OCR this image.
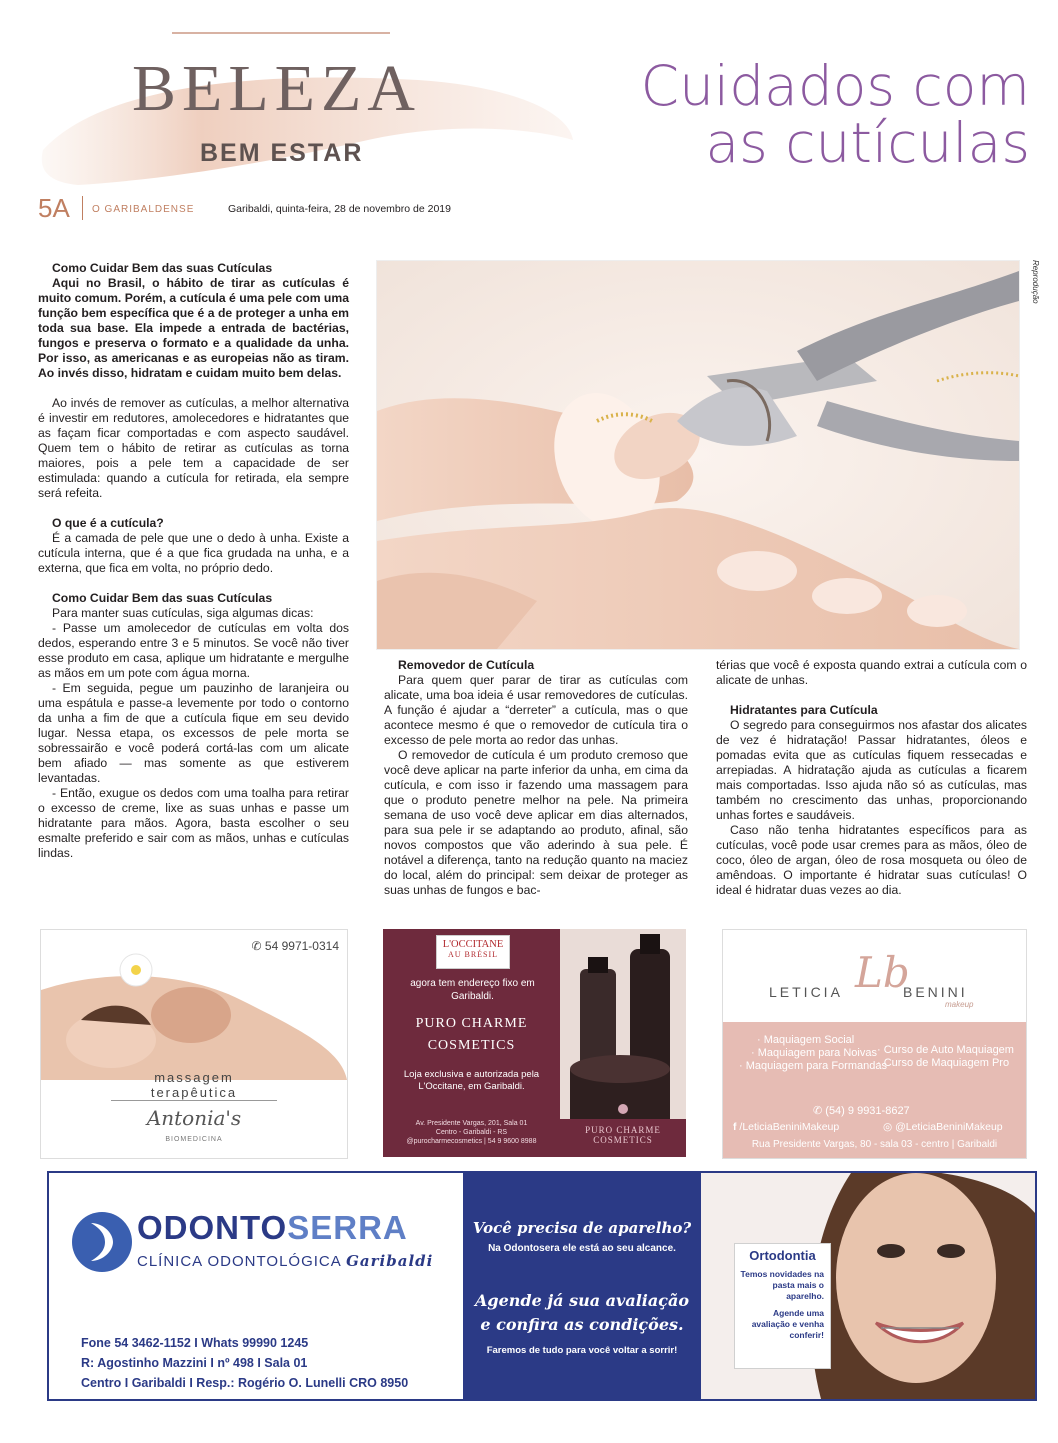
BELEZA
BEM ESTAR
Cuidados com
as cutículas
5A O GARIBALDENSE	Garibaldi, quinta-feira, 28 de novembro de 2019
Como Cuidar Bem das suas Cutículas

Aqui no Brasil, o hábito de tirar as cutículas é muito comum. Porém, a cutícula é uma pele com uma função bem específica que é a de proteger a unha em toda sua base. Ela impede a entrada de bactérias, fungos e preserva o formato e a qualidade da unha. Por isso, as americanas e as europeias não as tiram. Ao invés disso, hidratam e cuidam muito bem delas.

Ao invés de remover as cutículas, a melhor alternativa é investir em redutores, amolecedores e hidratantes que as façam ficar comportadas e com aspecto saudável. Quem tem o hábito de retirar as cutículas as torna maiores, pois a pele tem a capacidade de ser estimulada: quando a cutícula for retirada, ela sempre será refeita.

O que é a cutícula?

É a camada de pele que une o dedo à unha. Existe a cutícula interna, que é a que fica grudada na unha, e a externa, que fica em volta, no próprio dedo.

Como Cuidar Bem das suas Cutículas

Para manter suas cutículas, siga algumas dicas:

- Passe um amolecedor de cutículas em volta dos dedos, esperando entre 3 e 5 minutos. Se você não tiver esse produto em casa, aplique um hidratante e mergulhe as mãos em um pote com água morna.

- Em seguida, pegue um pauzinho de laranjeira ou uma espátula e passe-a levemente por todo o contorno da unha a fim de que a cutícula fique em seu devido lugar. Nessa etapa, os excessos de pele morta se sobressairão e você poderá cortá-las com um alicate bem afiado — mas somente as que estiverem levantadas.

- Então, exugue os dedos com uma toalha para retirar o excesso de creme, lixe as suas unhas e passe um hidratante para mãos. Agora, basta escolher o seu esmalte preferido e sair com as mãos, unhas e cutículas lindas.

Reprodução
Removedor de Cutícula

Para quem quer parar de tirar as cutículas com alicate, uma boa ideia é usar removedores de cutículas. A função é ajudar a “derreter” a cutícula, mas o que acontece mesmo é que o removedor de cutícula tira o excesso de pele morta ao redor das unhas.

O removedor de cutícula é um produto cremoso que você deve aplicar na parte inferior da unha, em cima da cutícula, e com isso ir fazendo uma massagem para que o produto penetre melhor na pele. Na primeira semana de uso você deve aplicar em dias alternados, para sua pele ir se adaptando ao produto, afinal, são novos compostos que vão aderindo à sua pele. É notável a diferença, tanto na redução quanto na maciez do local, além do principal: sem deixar de proteger as suas unhas de fungos e bac-

térias que você é exposta quando extrai a cutícula com o alicate de unhas.

Hidratantes para Cutícula

O segredo para conseguirmos nos afastar dos alicates de vez é hidratação! Passar hidratantes, óleos e pomadas evita que as cutículas fiquem ressecadas e arrepiadas. A hidratação ajuda as cutículas a ficarem mais comportadas. Isso ajuda não só as cutículas, mas também no crescimento das unhas, proporcionando unhas fortes e saudáveis.

Caso não tenha hidratantes específicos para as cutículas, você pode usar cremes para as mãos, óleo de coco, óleo de argan, óleo de rosa mosqueta ou óleo de amêndoas. O importante é hidratar suas cutículas! O ideal é hidratar duas vezes ao dia.

✆ 54 9971-0314
massagem terapêutica
Antonia's
BIOMEDICINA
L'OCCITANE
AU BRÉSIL
agora tem endereço fixo em Garibaldi.
PURO CHARME
COSMETICS
Loja exclusiva e autorizada pela L'Occitane, em Garibaldi.
Av. Presidente Vargas, 201, Sala 01
Centro - Garibaldi - RS
@purocharmecosmetics | 54 9 9600 8988
PURO CHARME
COSMETICS
LETICIA Lb
BENINI
makeup
· Maquiagem Social
· Maquiagem para Noivas
· Maquiagem para Formandas
· Curso de Auto Maquiagem
· Curso de Maquiagem Pro
✆ (54) 9 9931-8627
f /LeticiaBeniniMakeup	◎ @LeticiaBeniniMakeup
Rua Presidente Vargas, 80 - sala 03 - centro | Garibaldi
ODONTOSERRA
CLÍNICA ODONTOLÓGICA Garibaldi
Fone 54 3462-1152 I Whats 99990 1245
R: Agostinho Mazzini I nº 498 I Sala 01
Centro I Garibaldi I Resp.: Rogério O. Lunelli CRO 8950
Você precisa de aparelho?
Na Odontosera ele está ao seu alcance.
Agende já sua avaliação
e confira as condições.
Faremos de tudo para você voltar a sorrir!
Ortodontia
Temos novidades na pasta mais o aparelho.
Agende uma avaliação e venha conferir!
